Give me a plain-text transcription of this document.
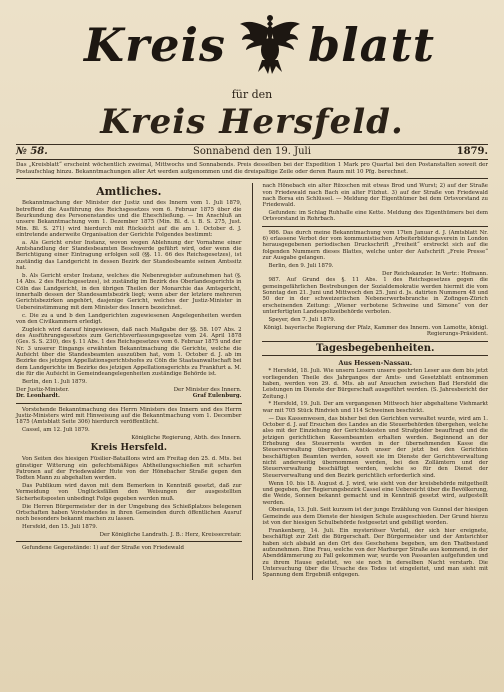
Kreis blatt
für den
Kreis Hersfeld.
№ 58.	Sonnabend den 19. Juli	1879.
Das „Kreisblatt“ erscheint wöchentlich zweimal, Mittwochs und Sonnabends. Preis desselben bei der Expedition 1 Mark pro Quartal bei den Postanstalten soweit der Postaufschlag hinzu. Bekanntmachungen aller Art werden aufgenommen und die dreispaltige Zeile oder deren Raum mit 10 Pfg. berechnet.
Amtliches.

Bekanntmachung der Minister der Justiz und des Innern vom 1. Juli 1879, betreffend die Ausführung des Reichsgesetzes vom 6. Februar 1875 über die Beurkundung des Personenstandes und die Eheschließung. — Im Anschluß an unsere Bekanntmachung vom 1. Dezember 1875 (Min. Bl. d. i. B. S. 275, Just. Min. Bl. S. 271) wird hierdurch mit Rücksicht auf die am 1. October d. J. eintretende anderweite Organisation der Gerichte Folgendes bestimmt:

a. Als Gericht erster Instanz, wovon wegen Ablehnung der Vornahme einer Amtshandlung der Standesbeamten Beschwerde geführt wird, oder wenn die Berichtigung einer Eintragung erfolgen soll (§§. 11. 66 des Reichsgesetzes), ist zuständig das Landgericht in dessen Bezirk der Standesbeamte seinen Amtssitz hat.

b. Als Gericht erster Instanz, welches die Nebenregister aufzunehmen hat (§. 14 Abs. 2 des Reichsgesetzes), ist zuständig im Bezirk des Oberlandesgerichts in Cöln das Landgericht, in den übrigen Theilen der Monarchie das Amtsgericht, innerhalb dessen der Standesamtsbezirk liegt; wenn aber der letztere mehreren Gerichtsbezirken angehört, dasjenige Gericht, welches der Justiz-Minister in Uebereinstimmung mit dem Minister des Innern bezeichnet.

c. Die zu a und b den Landgerichten zugewiesenen Angelegenheiten werden von den Civilkammern erledigt.

Zugleich wird darauf hingewiesen, daß nach Maßgabe der §§. 58. 107 Abs. 2 des Ausführungsgesetzes zum Gerichtsverfassungsgesetze vom 24. April 1878 (Ges. S. S. 230), des §. 11 Abs. 1 des Reichsgesetzes vom 6. Februar 1875 und der Nr. 3 unserer Eingangs erwähnten Bekanntmachung die Gerichte, welche die Aufsicht über die Standesbeamten auszuüben hat, vom 1. October d. J. ab im Bezirke des jetzigen Appellationsgerichtshofes zu Cöln die Staatsanwaltschaft bei dem Landgerichte im Bezirke des jetzigen Appellationsgerichts zu Frankfurt a. M. die für die Aufsicht in Gemeindeangelegenheiten zuständige Behörde ist.

Berlin, den 1. Juli 1879.

Der Justiz-Minister.	Der Minister des Innern.
Dr. Leonhardt.	Graf Eulenburg.

Vorstehende Bekanntmachung des Herrn Ministers des Innern und des Herrn Justiz-Ministers wird mit Hinweisung auf die Bekanntmachung vom 1. December 1875 (Amtsblatt Seite 306) hierdurch veröffentlicht.

Cassel, am 12. Juli 1879.

Königliche Regierung, Abth. des Innern.
Kreis Hersfeld.

Von Seiten des hiesigen Füsilier-Bataillons wird am Freitag den 25. d. Mts. bei günstiger Witterung ein gefechtsmäßiges Abtheilungsschießen mit scharfen Patronen auf der Friedewalder Hute von der Hönebacher Straße gegen den Todten Mann zu abgehalten werden.

Das Publikum wird davon mit dem Bemerken in Kenntniß gesetzt, daß zur Vermeidung von Unglücksfällen den Weisungen der ausgestellten Sicherheitsposten unbedingt Folge gegeben werden muß.

Die Herren Bürgermeister der in der Umgebung des Schießplatzes belegenen Ortschaften haben Vorstehendes in ihren Gemeinden durch öffentlichen Ausruf noch besonders bekannt machen zu lassen.

Hersfeld, den 15. Juli 1879.

Der Königliche Landrath. J. B.: Herz, Kreissecretair.

Gefundene Gegenstände: 1) auf der Straße von Friedewald

nach Hönebach ein alter Rüxschen mit etwas Brod und Wurst; 2) auf der Straße von Friedewald nach Bach ein alter Filzhut. 3) auf der Straße von Friedewald nach Borsa ein Schlüssel. — Meldung der Eigenthümer bei dem Ortsvorstand zu Friedewald.

Gefunden: im Schlag Ruhhalle eine Kette. Meldung des Eigenthümers bei dem Ortsvorstand in Rohrbach.

986. Das durch meine Bekanntmachung vom 17ten Januar d. J. (Amtsblatt Nr. 6) erlassene Verbot der vom kommunistischen Arbeiterbildungsverein in London herausgegebenen periodischen Druckschrift „Freiheit“ erstreckt sich auf die folgenden Nummern dieses Blattes, welche unter der Aufschrift „Freie Presse“ zur Ausgabe gelangen.

Berlin, den 9. Juli 1879.

Der Reichskanzler. In Vertr.: Hofmann.

987. Auf Grund des §. 11 Abs. 1 des Reichsgesetzes gegen die gemeingefährlichen Bestrebungen der Sozialdemokratie werden hiermit die vom Sonntag den 21. Juni und Mittwoch den 25. Juni d. Js. datirten Nummern 48 und 50 der in der schweizerischen Nebenerwerbsbranche in Zofingen-Zürich erscheinenden Zeitung: „Wiener verbotene Schweine und Simone“ von der unterfertigten Landespolizeibehörde verboten.

Speyer, den 7. Juli 1879.

Königl. bayerische Regierung der Pfalz, Kammer des Innern. von Lamotte, königl. Regierungs-Präsident.
Tagesbegebenheiten.
Aus Hessen-Nassau.

* Hersfeld, 18. Juli. Wie unsern Lesern unsere geehrten Leser aus dem bis jetzt vorliegenden Theile des Jahrganges der Amts- und Gesetzblatt entnommen haben, werden von 29. d. Mts. ab auf Ansuchen zwischen Bad Hersfeld die Leistungen im Dienste der Bürgerschaft ausgeführt werden. (S. Jahresbericht der Zeitung.)

* Hersfeld, 19. Juli. Der am vergangenen Mittwoch hier abgehaltene Viehmarkt war mit 705 Stück Rindvieh und 114 Schweinen beschickt.

— Das Kassenwesen, das bisher bei den Gerichten verwaltet wurde, wird am 1. October d. J. auf Ersuchen des Landes an die Steuerbehörden übergehen, welche also mit der Einziehung der Gerichtskosten und Strafgelder beauftragt und die jetzigen gerichtlichen Kassenbeamten erhalten werden. Beginnend an der Erhebung des Steuerrents werden in der übernehmenden Kasse die Steuerverwaltung übergehen. Auch unser der jetzt bei den Gerichten beschäftigten Beamten werden, soweit sie im Dienste der Gerichtsverwaltung nicht anderweitig übernommen werden, bei den Zollämtern und der Steuerverwaltung beschäftigt werden, welche so für den Dienst der Steuerverwaltung und den Bezirk gerichtlich erforderlich sind.

Wenn 10. bis 18. August d. J. wird, wie sieht von der kreisbehörde mitgetheilt und gegeben, der Regierungsbezirk Cassel eine Uebersicht über die Bevölkerung, die Weide, Sonnen bekannt gemacht und in Kenntniß gesetzt wird, aufgestellt werden.

Oberaula, 13. Juli. Seit kurzem ist der junge Erzählung von Gunnel der hiesigen Gemeinde aus dem Dienste der hiesigen Schule ausgeschieden. Der Grund hierzu ist von der hiesigen Schulbehörde festgesetzt und gebilligt worden.

Frankenberg, 14. Juli. Ein mysteriöser Vorfall, der sich hier ereignete, beschäftigt zur Zeit die Bürgerschaft. Der Bürgermeister und der Amtsrichter haben sich alsbald an den Ort des Geschehens begeben, um den Thatbestand aufzunehmen. Eine Frau, welche von der Marburger Straße aus kommend, in der Abenddämmerung zu Fall gekommen war, wurde von Passanten aufgefunden und zu ihrem Hause geleitet, wo sie noch in derselben Nacht verstarb. Die Untersuchung über die Ursache des Todes ist eingeleitet, und man sieht mit Spannung dem Ergebniß entgegen.
